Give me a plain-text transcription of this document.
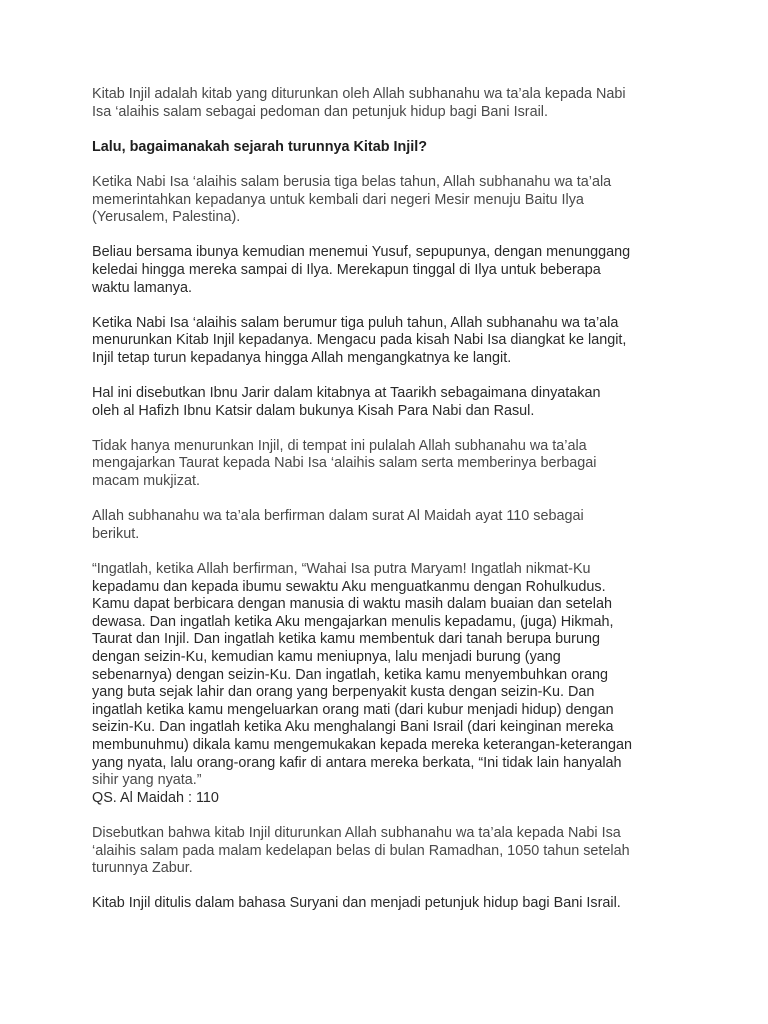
Kitab Injil adalah kitab yang diturunkan oleh Allah subhanahu wa ta’ala kepada Nabi
Isa ‘alaihis salam sebagai pedoman dan petunjuk hidup bagi Bani Israil.

Lalu, bagaimanakah sejarah turunnya Kitab Injil?

Ketika Nabi Isa ‘alaihis salam berusia tiga belas tahun, Allah subhanahu wa ta’ala
memerintahkan kepadanya untuk kembali dari negeri Mesir menuju Baitu Ilya
(Yerusalem, Palestina).

Beliau bersama ibunya kemudian menemui Yusuf, sepupunya, dengan menunggang
keledai hingga mereka sampai di Ilya. Merekapun tinggal di Ilya untuk beberapa
waktu lamanya.

Ketika Nabi Isa ‘alaihis salam berumur tiga puluh tahun, Allah subhanahu wa ta’ala
menurunkan Kitab Injil kepadanya. Mengacu pada kisah Nabi Isa diangkat ke langit,
Injil tetap turun kepadanya hingga Allah mengangkatnya ke langit.

Hal ini disebutkan Ibnu Jarir dalam kitabnya at Taarikh sebagaimana dinyatakan
oleh al Hafizh Ibnu Katsir dalam bukunya Kisah Para Nabi dan Rasul.

Tidak hanya menurunkan Injil, di tempat ini pulalah Allah subhanahu wa ta’ala
mengajarkan Taurat kepada Nabi Isa ‘alaihis salam serta memberinya berbagai
macam mukjizat.

Allah subhanahu wa ta’ala berfirman dalam surat Al Maidah ayat 110 sebagai
berikut.

“Ingatlah, ketika Allah berfirman, “Wahai Isa putra Maryam! Ingatlah nikmat-Ku
kepadamu dan kepada ibumu sewaktu Aku menguatkanmu dengan Rohulkudus.
Kamu dapat berbicara dengan manusia di waktu masih dalam buaian dan setelah
dewasa. Dan ingatlah ketika Aku mengajarkan menulis kepadamu, (juga) Hikmah,
Taurat dan Injil. Dan ingatlah ketika kamu membentuk dari tanah berupa burung
dengan seizin-Ku, kemudian kamu meniupnya, lalu menjadi burung (yang
sebenarnya) dengan seizin-Ku. Dan ingatlah, ketika kamu menyembuhkan orang
yang buta sejak lahir dan orang yang berpenyakit kusta dengan seizin-Ku. Dan
ingatlah ketika kamu mengeluarkan orang mati (dari kubur menjadi hidup) dengan
seizin-Ku. Dan ingatlah ketika Aku menghalangi Bani Israil (dari keinginan mereka
membunuhmu) dikala kamu mengemukakan kepada mereka keterangan-keterangan
yang nyata, lalu orang-orang kafir di antara mereka berkata, “Ini tidak lain hanyalah
sihir yang nyata.”

QS. Al Maidah : 110

Disebutkan bahwa kitab Injil diturunkan Allah subhanahu wa ta’ala kepada Nabi Isa
‘alaihis salam pada malam kedelapan belas di bulan Ramadhan, 1050 tahun setelah
turunnya Zabur.

Kitab Injil ditulis dalam bahasa Suryani dan menjadi petunjuk hidup bagi Bani Israil.
